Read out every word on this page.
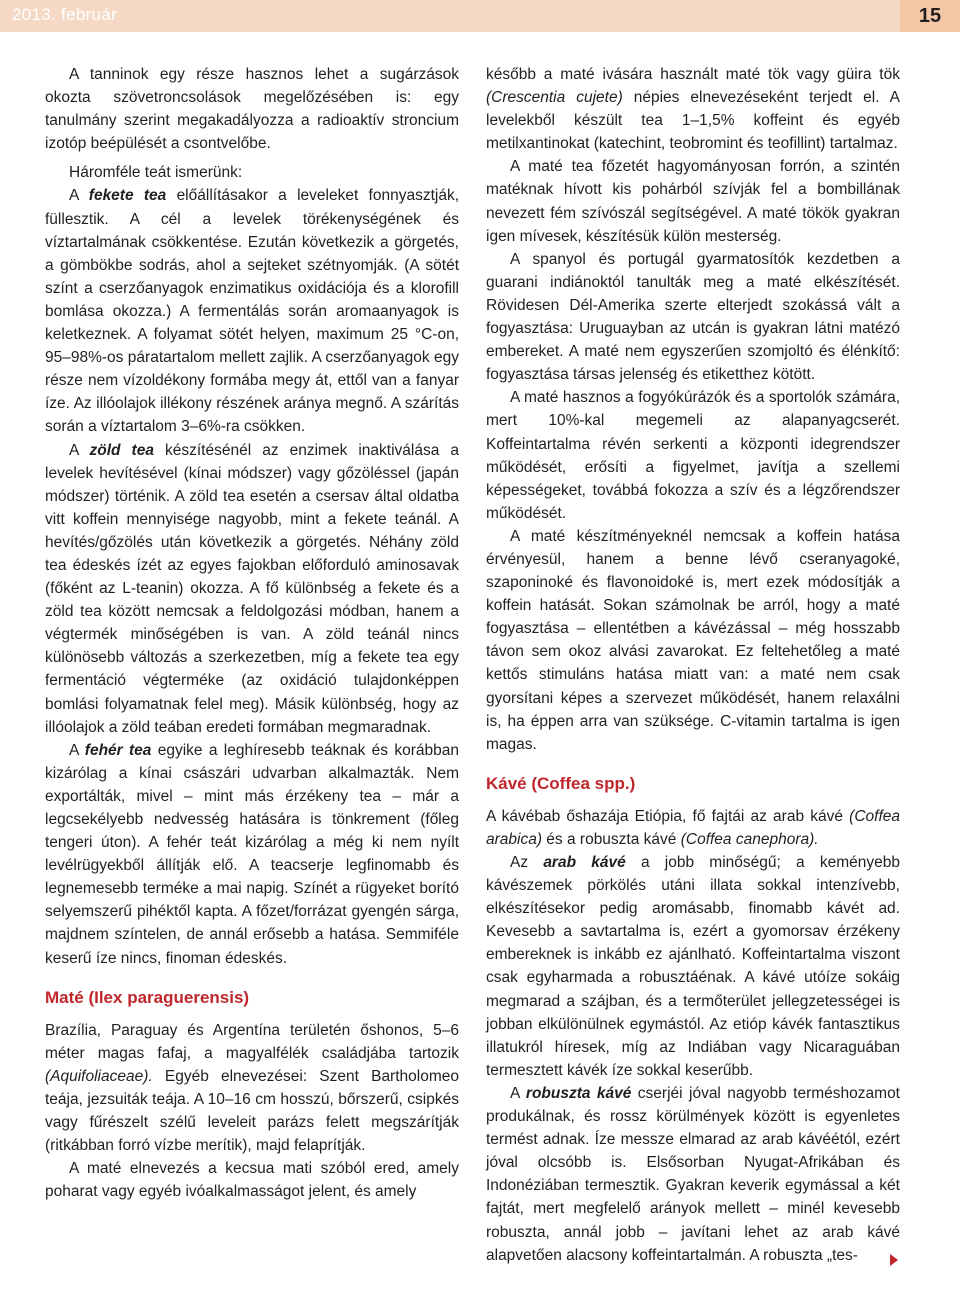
2013. február	15

A tanninok egy része hasznos lehet a sugárzások okozta szövetroncsolások megelőzésében is: egy tanulmány szerint megakadályozza a radioaktív stroncium izotóp beépülését a csontvelőbe.

Háromféle teát ismerünk:

A fekete tea előállításakor a leveleket fonnyasztják, füllesztik. A cél a levelek törékenységének és víztartalmának csökkentése. Ezután következik a görgetés, a gömbökbe sodrás, ahol a sejteket szétnyomják. (A sötét színt a cserzőanyagok enzimatikus oxidációja és a klorofill bomlása okozza.) A fermentálás során aromaanyagok is keletkeznek. A folyamat sötét helyen, maximum 25 °C-on, 95–98%-os páratartalom mellett zajlik. A cserzőanyagok egy része nem vízoldékony formába megy át, ettől van a fanyar íze. Az illóolajok illékony részének aránya megnő. A szárítás során a víztartalom 3–6%-ra csökken.

A zöld tea készítésénél az enzimek inaktiválása a levelek hevítésével (kínai módszer) vagy gőzöléssel (japán módszer) történik. A zöld tea esetén a csersav által oldatba vitt koffein mennyisége nagyobb, mint a fekete teánál. A hevítés/gőzölés után következik a görgetés. Néhány zöld tea édeskés ízét az egyes fajokban előforduló aminosavak (főként az L-teanin) okozza. A fő különbség a fekete és a zöld tea között nemcsak a feldolgozási módban, hanem a végtermék minőségében is van. A zöld teánál nincs különösebb változás a szerkezetben, míg a fekete tea egy fermentáció végterméke (az oxidáció tulajdonképpen bomlási folyamatnak felel meg). Másik különbség, hogy az illóolajok a zöld teában eredeti formában megmaradnak.

A fehér tea egyike a leghíresebb teáknak és korábban kizárólag a kínai császári udvarban alkalmazták. Nem exportálták, mivel – mint más érzékeny tea – már a legcsekélyebb nedvesség hatására is tönkrement (főleg tengeri úton). A fehér teát kizárólag a még ki nem nyílt levélrügyekből állítják elő. A teacserje legfinomabb és legnemesebb terméke a mai napig. Színét a rügyeket borító selyemszerű pihéktől kapta. A főzet/forrázat gyengén sárga, majdnem színtelen, de annál erősebb a hatása. Semmiféle keserű íze nincs, finoman édeskés.

Maté (Ilex paraguerensis)

Brazília, Paraguay és Argentína területén őshonos, 5–6 méter magas fafaj, a magyalfélék családjába tartozik (Aquifoliaceae). Egyéb elnevezései: Szent Bartholomeo teája, jezsuiták teája. A 10–16 cm hosszú, bőrszerű, csipkés vagy fűrészelt szélű leveleit parázs felett megszárítják (ritkábban forró vízbe merítik), majd felaprítják.

A maté elnevezés a kecsua mati szóból ered, amely poharat vagy egyéb ivóalkalmasságot jelent, és amely

később a maté ivására használt maté tök vagy güira tök (Crescentia cujete) népies elnevezéseként terjedt el. A levelekből készült tea 1–1,5% koffeint és egyéb metilxantinokat (katechint, teobromint és teofillint) tartalmaz.

A maté tea főzetét hagyományosan forrón, a szintén matéknak hívott kis pohárból szívják fel a bombillának nevezett fém szívószál segítségével. A maté tökök gyakran igen mívesek, készítésük külön mesterség.

A spanyol és portugál gyarmatosítók kezdetben a guarani indiánoktól tanulták meg a maté elkészítését. Rövidesen Dél-Amerika szerte elterjedt szokássá vált a fogyasztása: Uruguayban az utcán is gyakran látni matézó embereket. A maté nem egyszerűen szomjoltó és élénkítő: fogyasztása társas jelenség és etiketthez kötött.

A maté hasznos a fogyókúrázók és a sportolók számára, mert 10%-kal megemeli az alapanyagcserét. Koffeintartalma révén serkenti a központi idegrendszer működését, erősíti a figyelmet, javítja a szellemi képességeket, továbbá fokozza a szív és a légzőrendszer működését.

A maté készítményeknél nemcsak a koffein hatása érvényesül, hanem a benne lévő cseranyagoké, szaponinoké és flavonoidoké is, mert ezek módosítják a koffein hatását. Sokan számolnak be arról, hogy a maté fogyasztása – ellentétben a kávézással – még hosszabb távon sem okoz alvási zavarokat. Ez feltehetőleg a maté kettős stimuláns hatása miatt van: a maté nem csak gyorsítani képes a szervezet működését, hanem relaxálni is, ha éppen arra van szüksége. C-vitamin tartalma is igen magas.

Kávé (Coffea spp.)

A kávébab őshazája Etiópia, fő fajtái az arab kávé (Coffea arabica) és a robuszta kávé (Coffea canephora).

Az arab kávé a jobb minőségű; a keményebb kávészemek pörkölés utáni illata sokkal intenzívebb, elkészítésekor pedig aromásabb, finomabb kávét ad. Kevesebb a savtartalma is, ezért a gyomorsav érzékeny embereknek is inkább ez ajánlható. Koffeintartalma viszont csak egyharmada a robusztáénak. A kávé utóíze sokáig megmarad a szájban, és a termőterület jellegzetességei is jobban elkülönülnek egymástól. Az etióp kávék fantasztikus illatukról híresek, míg az Indiában vagy Nicaraguában termesztett kávék íze sokkal keserűbb.

A robuszta kávé cserjéi jóval nagyobb terméshozamot produkálnak, és rossz körülmények között is egyenletes termést adnak. Íze messze elmarad az arab kávéétól, ezért jóval olcsóbb is. Elsősorban Nyugat-Afrikában és Indonéziában termesztik. Gyakran keverik egymással a két fajtát, mert megfelelő arányok mellett – minél kevesebb robuszta, annál jobb – javítani lehet az arab kávé alapvetően alacsony koffeintartalmán. A robuszta „tes-
